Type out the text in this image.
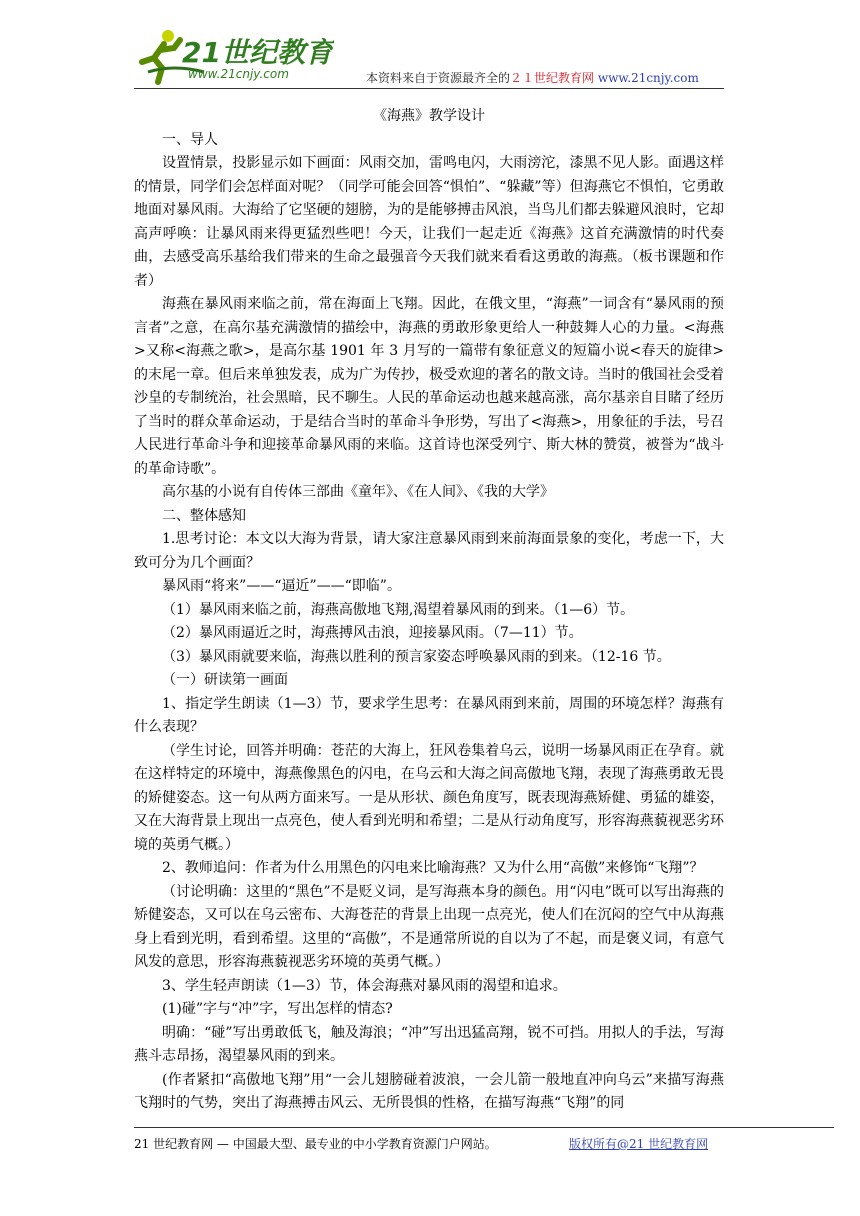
21世纪教育
www.21cnjy.com	本资料来自于资源最齐全的２１世纪教育网 www.21cnjy.com

《海燕》教学设计

一、导人

设置情景，投影显示如下画面：风雨交加，雷鸣电闪，大雨滂沱，漆黑不见人影。面遇这样的情景，同学们会怎样面对呢？（同学可能会回答“惧怕”、“躲藏”等）但海燕它不惧怕，它勇敢地面对暴风雨。大海给了它坚硬的翅膀，为的是能够搏击风浪，当鸟儿们都去躲避风浪时，它却高声呼唤：让暴风雨来得更猛烈些吧！今天，让我们一起走近《海燕》这首充满激情的时代奏曲，去感受高乐基给我们带来的生命之最强音今天我们就来看看这勇敢的海燕。（板书课题和作者）

海燕在暴风雨来临之前，常在海面上飞翔。因此，在俄文里，“海燕”一词含有“暴风雨的预言者”之意，在高尔基充满激情的描绘中，海燕的勇敢形象更给人一种鼓舞人心的力量。<海燕>又称<海燕之歌>，是高尔基 1901 年 3 月写的一篇带有象征意义的短篇小说<春天的旋律>的末尾一章。但后来单独发表，成为广为传抄，极受欢迎的著名的散文诗。当时的俄国社会受着沙皇的专制统治，社会黑暗，民不聊生。人民的革命运动也越来越高涨，高尔基亲自目睹了经历了当时的群众革命运动，于是结合当时的革命斗争形势，写出了<海燕>，用象征的手法，号召人民进行革命斗争和迎接革命暴风雨的来临。这首诗也深受列宁、斯大林的赞赏，被誉为“战斗的革命诗歌”。

高尔基的小说有自传体三部曲《童年》、《在人间》、《我的大学》

二、整体感知

1.思考讨论：本文以大海为背景，请大家注意暴风雨到来前海面景象的变化，考虑一下，大致可分为几个画面？

暴风雨“将来”——“逼近”——“即临”。

（1）暴风雨来临之前，海燕高傲地飞翔,渴望着暴风雨的到来。（1—6）节。

（2）暴风雨逼近之时，海燕搏风击浪，迎接暴风雨。（7—11）节。

（3）暴风雨就要来临，海燕以胜利的预言家姿态呼唤暴风雨的到来。（12-16 节。

（一）研读第一画面

1、指定学生朗读（1—3）节，要求学生思考：在暴风雨到来前，周围的环境怎样？海燕有什么表现？

（学生讨论，回答并明确：苍茫的大海上，狂风卷集着乌云，说明一场暴风雨正在孕育。就在这样特定的环境中，海燕像黑色的闪电，在乌云和大海之间高傲地飞翔，表现了海燕勇敢无畏的矫健姿态。这一句从两方面来写。一是从形状、颜色角度写，既表现海燕矫健、勇猛的雄姿，又在大海背景上现出一点亮色，使人看到光明和希望；二是从行动角度写，形容海燕藐视恶劣环境的英勇气概。）

2、教师追问：作者为什么用黑色的闪电来比喻海燕？又为什么用“高傲”来修饰“飞翔”？

（讨论明确：这里的“黑色”不是贬义词，是写海燕本身的颜色。用“闪电”既可以写出海燕的矫健姿态，又可以在乌云密布、大海苍茫的背景上出现一点亮光，使人们在沉闷的空气中从海燕身上看到光明，看到希望。这里的“高傲”，不是通常所说的自以为了不起，而是褒义词，有意气风发的意思，形容海燕藐视恶劣环境的英勇气概。）

3、学生轻声朗读（1—3）节，体会海燕对暴风雨的渴望和追求。

(1)碰”字与“冲”字，写出怎样的情态?

明确：“碰”写出勇敢低飞，触及海浪；“冲”写出迅猛高翔，锐不可挡。用拟人的手法，写海燕斗志昂扬，渴望暴风雨的到来。

(作者紧扣“高傲地飞翔”用“一会儿翅膀碰着波浪，一会儿箭一般地直冲向乌云”来描写海燕飞翔时的气势，突出了海燕搏击风云、无所畏惧的性格，在描写海燕“飞翔”的同

21 世纪教育网 — 中国最大型、最专业的中小学教育资源门户网站。	版权所有@21 世纪教育网
